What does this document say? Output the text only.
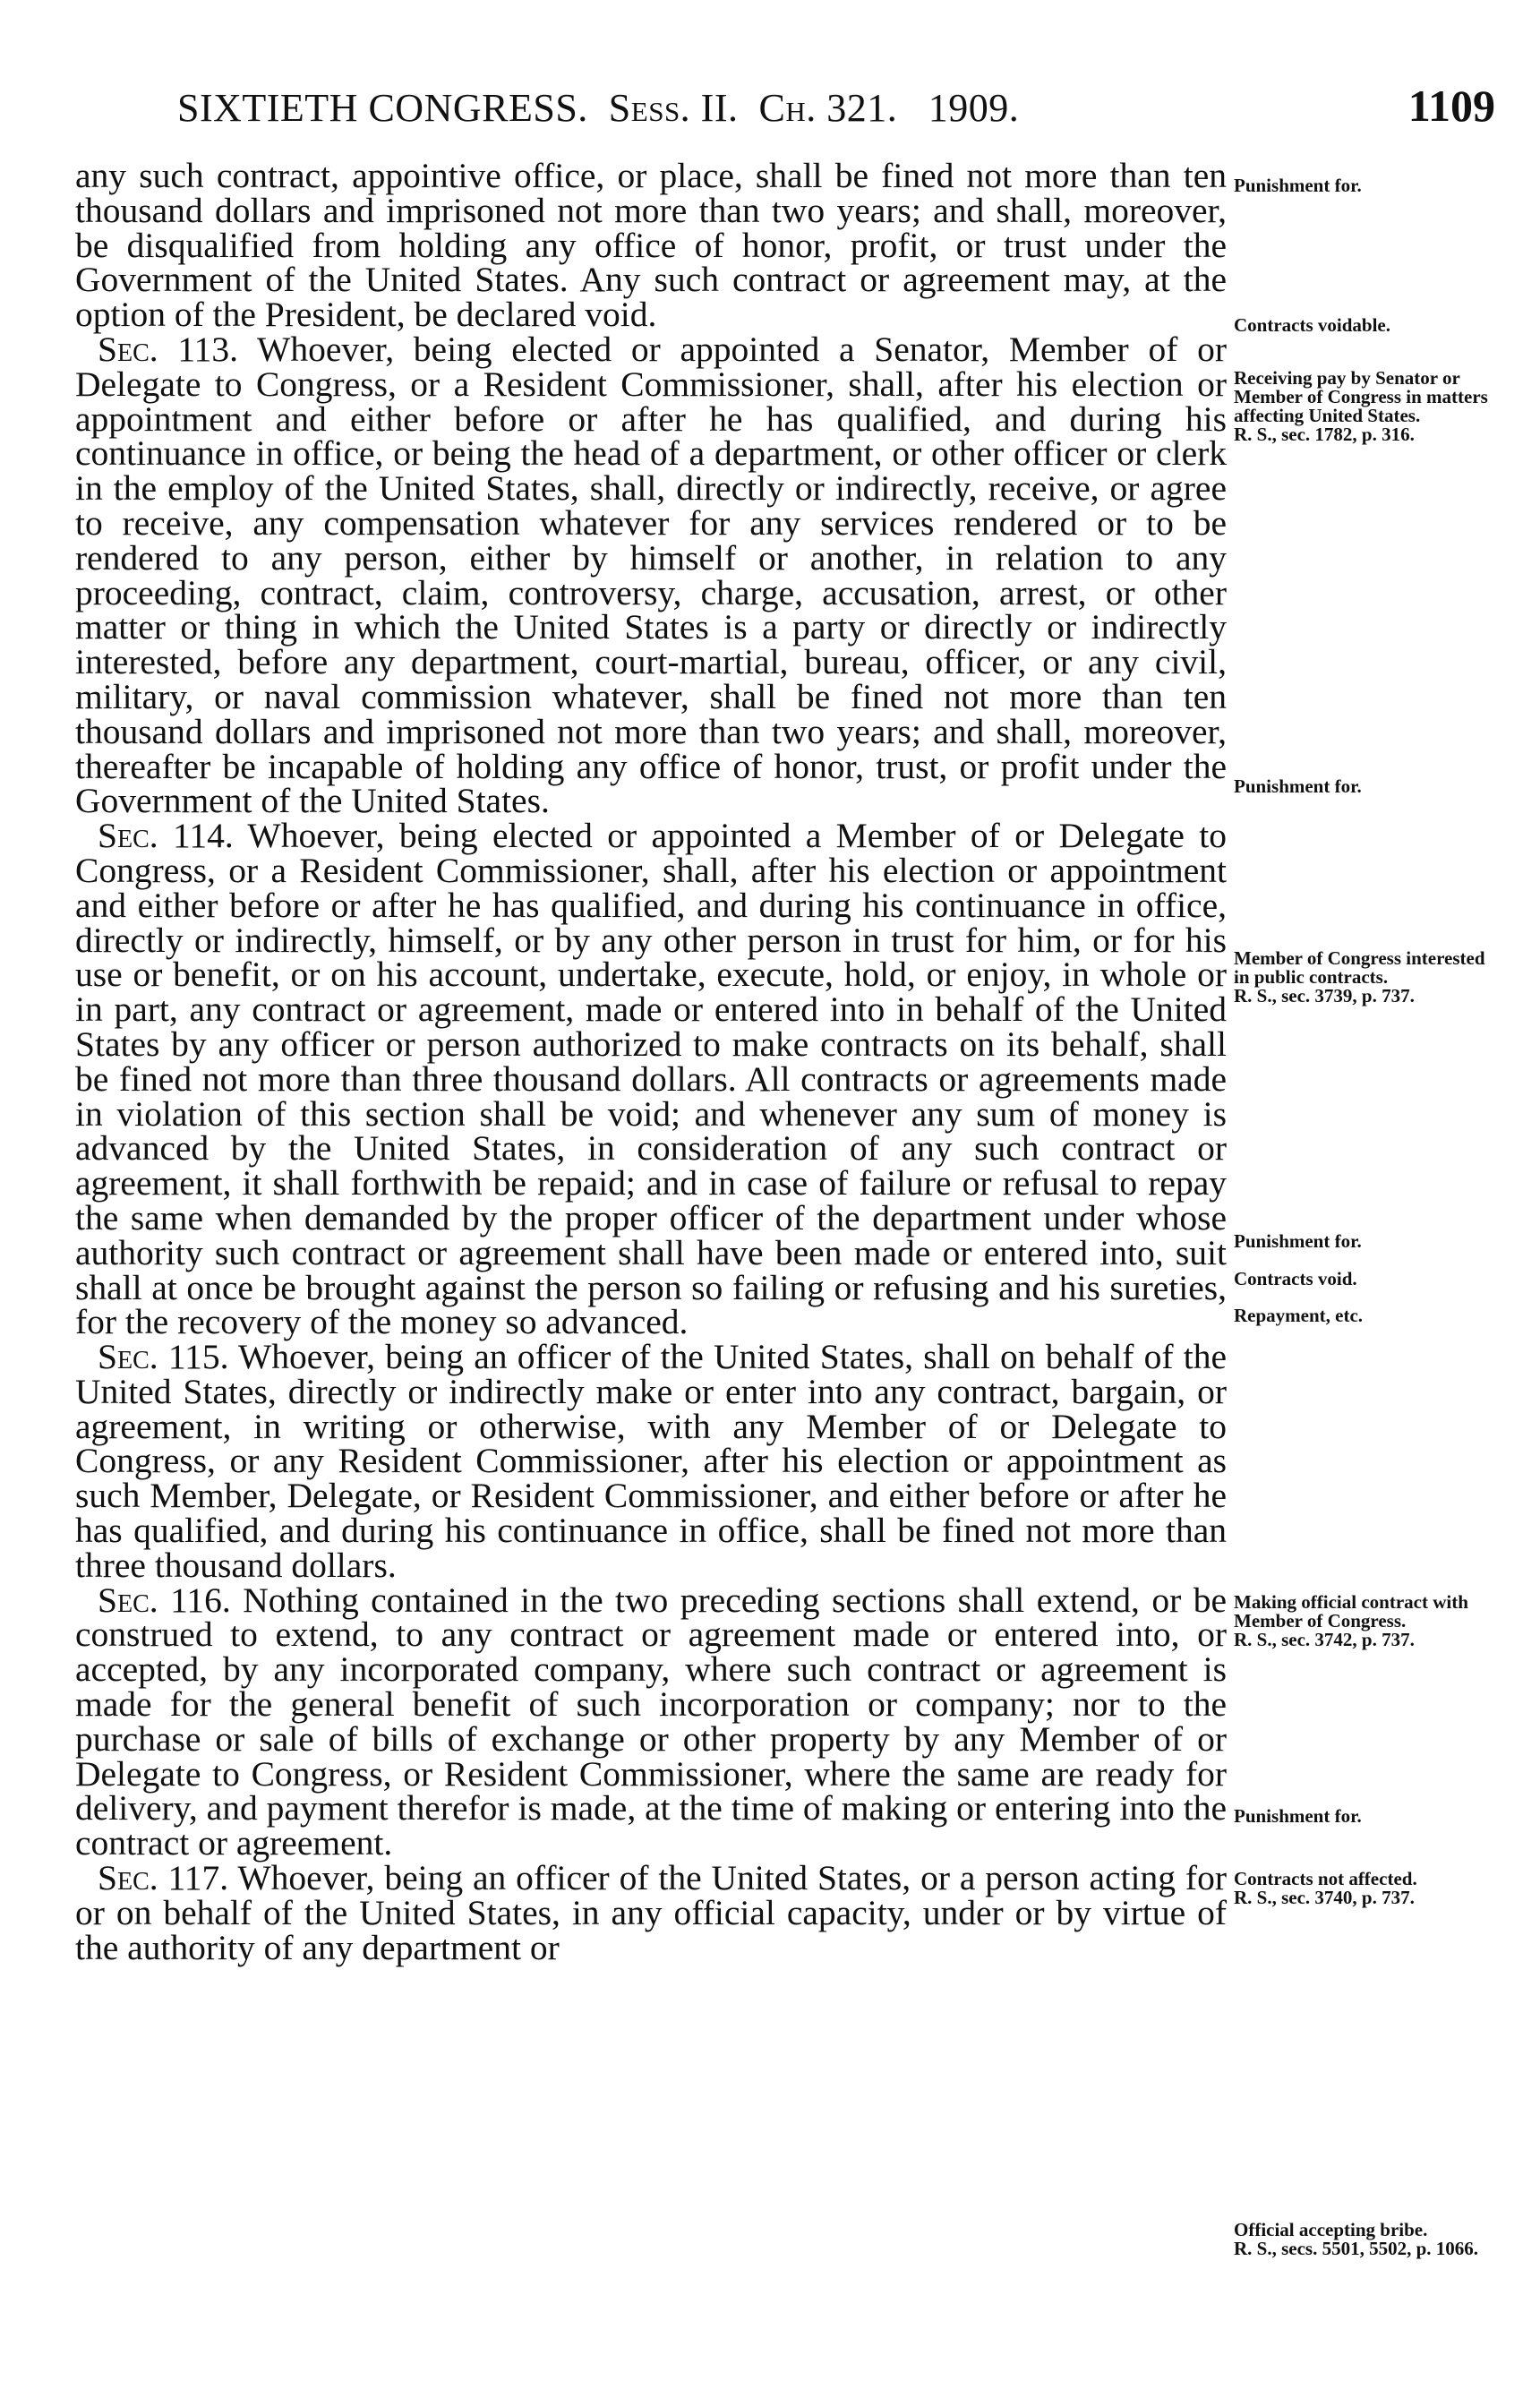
SIXTIETH CONGRESS. Sess. II. Ch. 321. 1909.	1109

any such contract, appointive office, or place, shall be fined not more than ten thousand dollars and imprisoned not more than two years; and shall, moreover, be disqualified from holding any office of honor, profit, or trust under the Government of the United States. Any such contract or agreement may, at the option of the President, be declared void.

Sec. 113. Whoever, being elected or appointed a Senator, Member of or Delegate to Congress, or a Resident Commissioner, shall, after his election or appointment and either before or after he has qualified, and during his continuance in office, or being the head of a department, or other officer or clerk in the employ of the United States, shall, directly or indirectly, receive, or agree to receive, any compensation whatever for any services rendered or to be rendered to any person, either by himself or another, in relation to any proceeding, contract, claim, controversy, charge, accusation, arrest, or other matter or thing in which the United States is a party or directly or indirectly interested, before any department, court-martial, bureau, officer, or any civil, military, or naval commission whatever, shall be fined not more than ten thousand dollars and imprisoned not more than two years; and shall, moreover, thereafter be incapable of holding any office of honor, trust, or profit under the Government of the United States.

Sec. 114. Whoever, being elected or appointed a Member of or Delegate to Congress, or a Resident Commissioner, shall, after his election or appointment and either before or after he has qualified, and during his continuance in office, directly or indirectly, himself, or by any other person in trust for him, or for his use or benefit, or on his account, undertake, execute, hold, or enjoy, in whole or in part, any contract or agreement, made or entered into in behalf of the United States by any officer or person authorized to make contracts on its behalf, shall be fined not more than three thousand dollars. All contracts or agreements made in violation of this section shall be void; and whenever any sum of money is advanced by the United States, in consideration of any such contract or agreement, it shall forthwith be repaid; and in case of failure or refusal to repay the same when demanded by the proper officer of the department under whose authority such contract or agreement shall have been made or entered into, suit shall at once be brought against the person so failing or refusing and his sureties, for the recovery of the money so advanced.

Sec. 115. Whoever, being an officer of the United States, shall on behalf of the United States, directly or indirectly make or enter into any contract, bargain, or agreement, in writing or otherwise, with any Member of or Delegate to Congress, or any Resident Commissioner, after his election or appointment as such Member, Delegate, or Resident Commissioner, and either before or after he has qualified, and during his continuance in office, shall be fined not more than three thousand dollars.

Sec. 116. Nothing contained in the two preceding sections shall extend, or be construed to extend, to any contract or agreement made or entered into, or accepted, by any incorporated company, where such contract or agreement is made for the general benefit of such incorporation or company; nor to the purchase or sale of bills of exchange or other property by any Member of or Delegate to Congress, or Resident Commissioner, where the same are ready for delivery, and payment therefor is made, at the time of making or entering into the contract or agreement.

Sec. 117. Whoever, being an officer of the United States, or a person acting for or on behalf of the United States, in any official capacity, under or by virtue of the authority of any department or

Punishment for.
Contracts voidable.
Receiving pay by Senator or Member of Congress in matters affecting United States.
R. S., sec. 1782, p. 316.
Punishment for.
Member of Congress interested in public contracts.
R. S., sec. 3739, p. 737.
Punishment for.
Contracts void.
Repayment, etc.
Making official contract with Member of Congress.
R. S., sec. 3742, p. 737.
Punishment for.
Contracts not affected.
R. S., sec. 3740, p. 737.
Official accepting bribe.
R. S., secs. 5501, 5502, p. 1066.
